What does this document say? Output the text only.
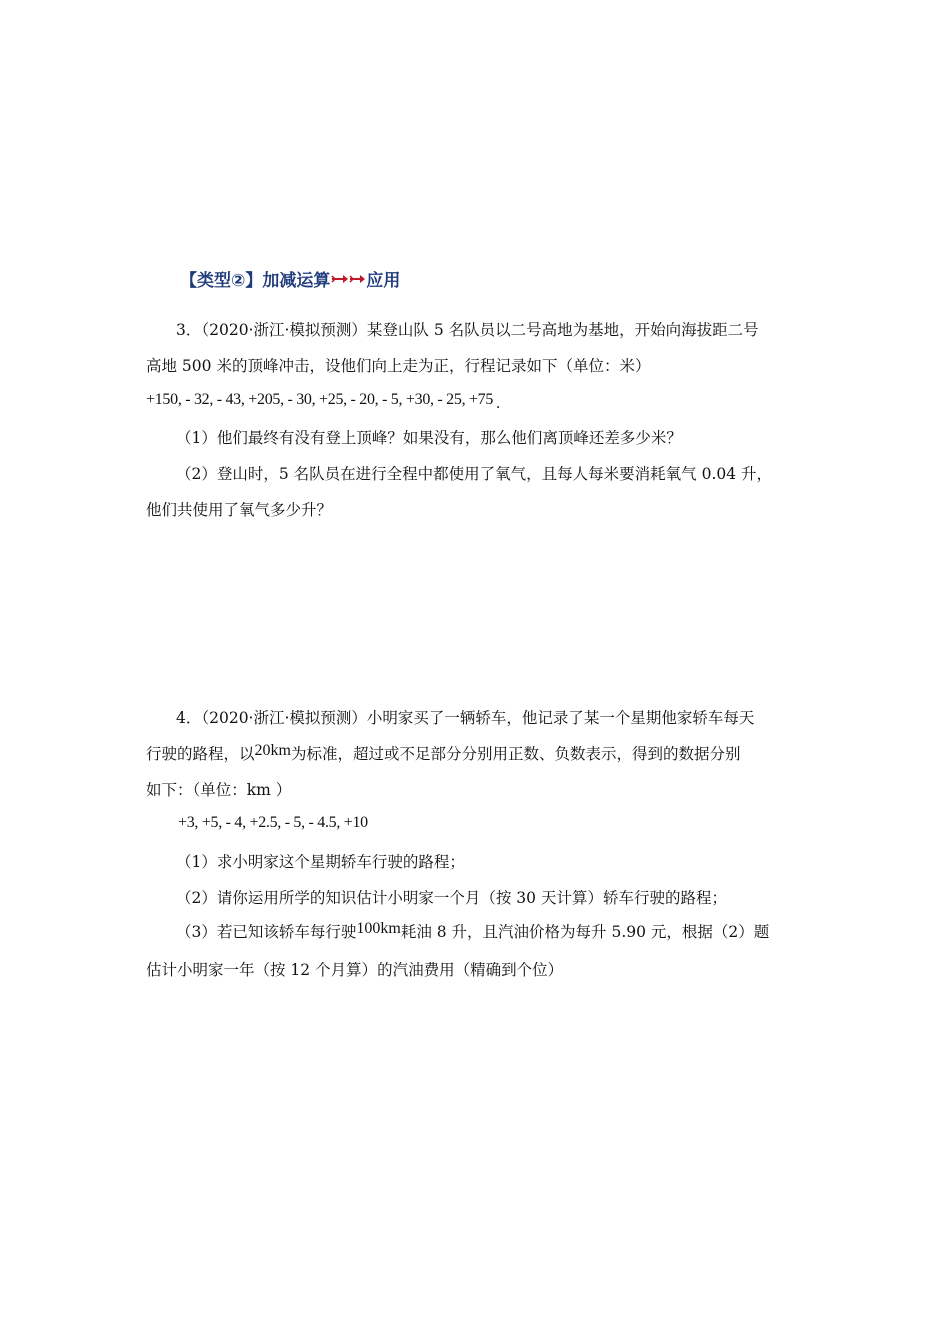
【类型②】加减运算 应用
3．（2020·浙江·模拟预测）某登山队 5 名队员以二号高地为基地，开始向海拔距二号
高地 500 米的顶峰冲击，设他们向上走为正，行程记录如下（单位：米）
+150, - 32, - 43, +205, - 30, +25, - 20, - 5, +30, - 25, +75 .
（1）他们最终有没有登上顶峰？如果没有，那么他们离顶峰还差多少米？
（2）登山时，5 名队员在进行全程中都使用了氧气，且每人每米要消耗氧气 0.04 升，
他们共使用了氧气多少升？
4．（2020·浙江·模拟预测）小明家买了一辆轿车，他记录了某一个星期他家轿车每天
行驶的路程，以20km为标准，超过或不足部分分别用正数、负数表示，得到的数据分别
如下：（单位：km ）
+3, +5, - 4, +2.5, - 5, - 4.5, +10
（1）求小明家这个星期轿车行驶的路程；
（2）请你运用所学的知识估计小明家一个月（按 30 天计算）轿车行驶的路程；
（3）若已知该轿车每行驶100km耗油 8 升，且汽油价格为每升 5.90 元，根据（2）题
估计小明家一年（按 12 个月算）的汽油费用（精确到个位）
